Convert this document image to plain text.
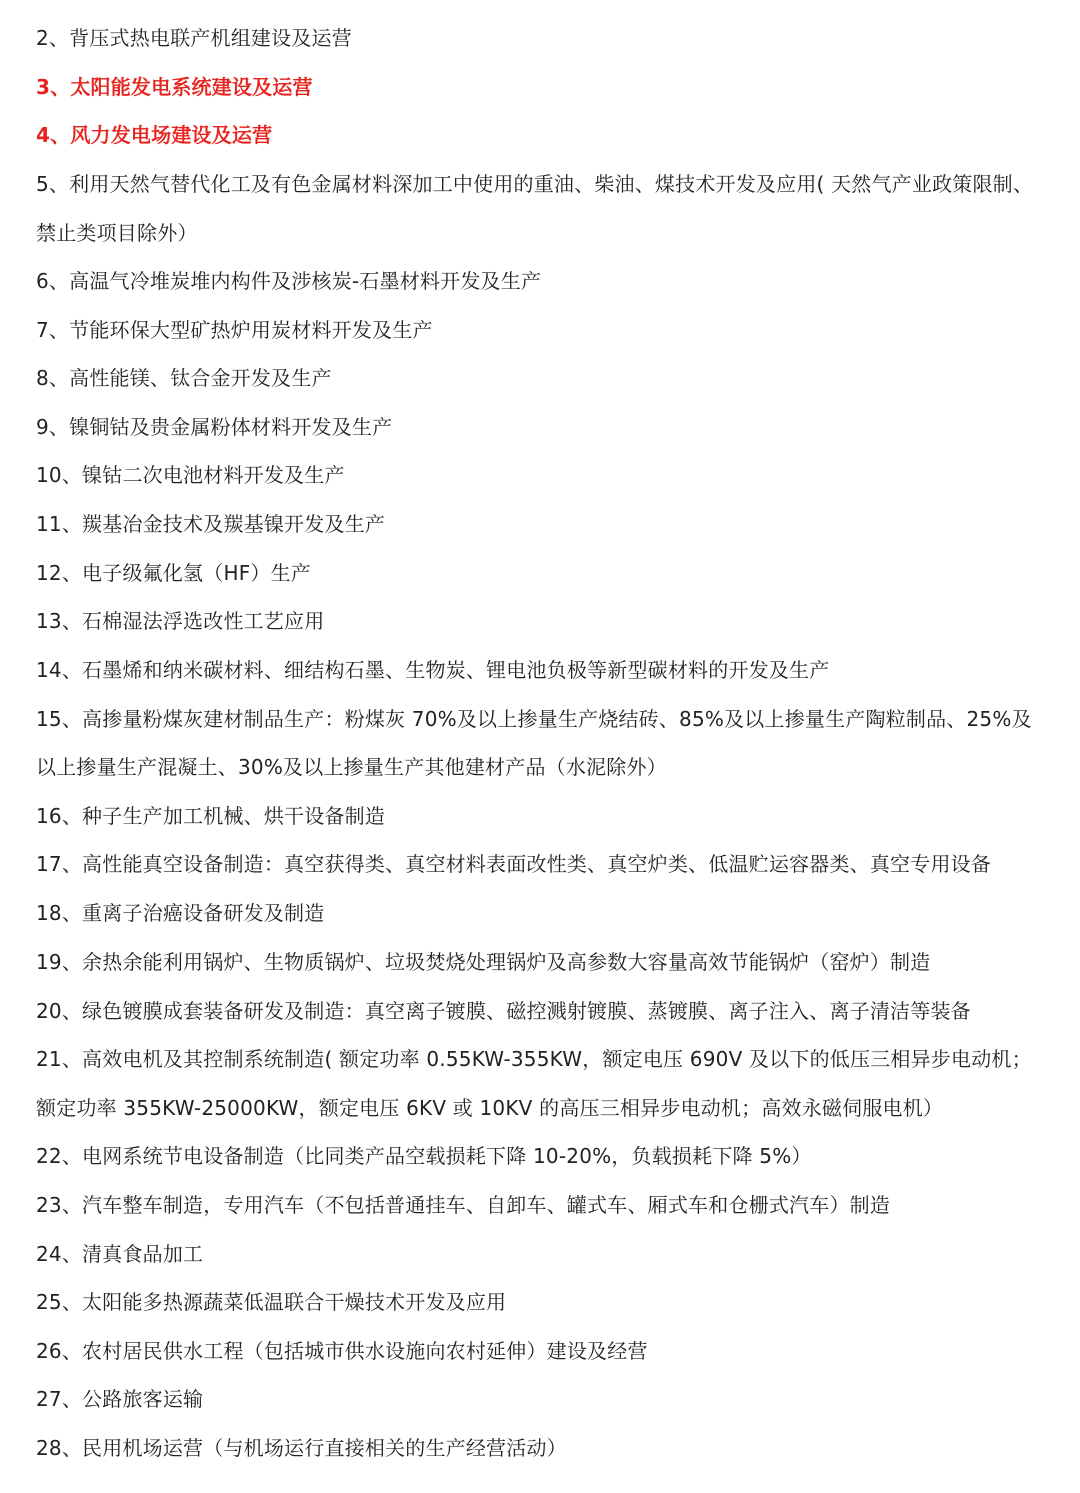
2、背压式热电联产机组建设及运营
3、太阳能发电系统建设及运营
4、风力发电场建设及运营
5、利用天然气替代化工及有色金属材料深加工中使用的重油、柴油、煤技术开发及应用( 天然气产业政策限制、
禁止类项目除外）
6、高温气冷堆炭堆内构件及涉核炭-石墨材料开发及生产
7、节能环保大型矿热炉用炭材料开发及生产
8、高性能镁、钛合金开发及生产
9、镍铜钴及贵金属粉体材料开发及生产
10、镍钴二次电池材料开发及生产
11、羰基冶金技术及羰基镍开发及生产
12、电子级氟化氢（HF）生产
13、石棉湿法浮选改性工艺应用
14、石墨烯和纳米碳材料、细结构石墨、生物炭、锂电池负极等新型碳材料的开发及生产
15、高掺量粉煤灰建材制品生产：粉煤灰 70%及以上掺量生产烧结砖、85%及以上掺量生产陶粒制品、25%及
以上掺量生产混凝土、30%及以上掺量生产其他建材产品（水泥除外）
16、种子生产加工机械、烘干设备制造
17、高性能真空设备制造：真空获得类、真空材料表面改性类、真空炉类、低温贮运容器类、真空专用设备
18、重离子治癌设备研发及制造
19、余热余能利用锅炉、生物质锅炉、垃圾焚烧处理锅炉及高参数大容量高效节能锅炉（窑炉）制造
20、绿色镀膜成套装备研发及制造：真空离子镀膜、磁控溅射镀膜、蒸镀膜、离子注入、离子清洁等装备
21、高效电机及其控制系统制造( 额定功率 0.55KW-355KW，额定电压 690V 及以下的低压三相异步电动机；
额定功率 355KW-25000KW，额定电压 6KV 或 10KV 的高压三相异步电动机；高效永磁伺服电机）
22、电网系统节电设备制造（比同类产品空载损耗下降 10-20%，负载损耗下降 5%）
23、汽车整车制造，专用汽车（不包括普通挂车、自卸车、罐式车、厢式车和仓栅式汽车）制造
24、清真食品加工
25、太阳能多热源蔬菜低温联合干燥技术开发及应用
26、农村居民供水工程（包括城市供水设施向农村延伸）建设及经营
27、公路旅客运输
28、民用机场运营（与机场运行直接相关的生产经营活动）
